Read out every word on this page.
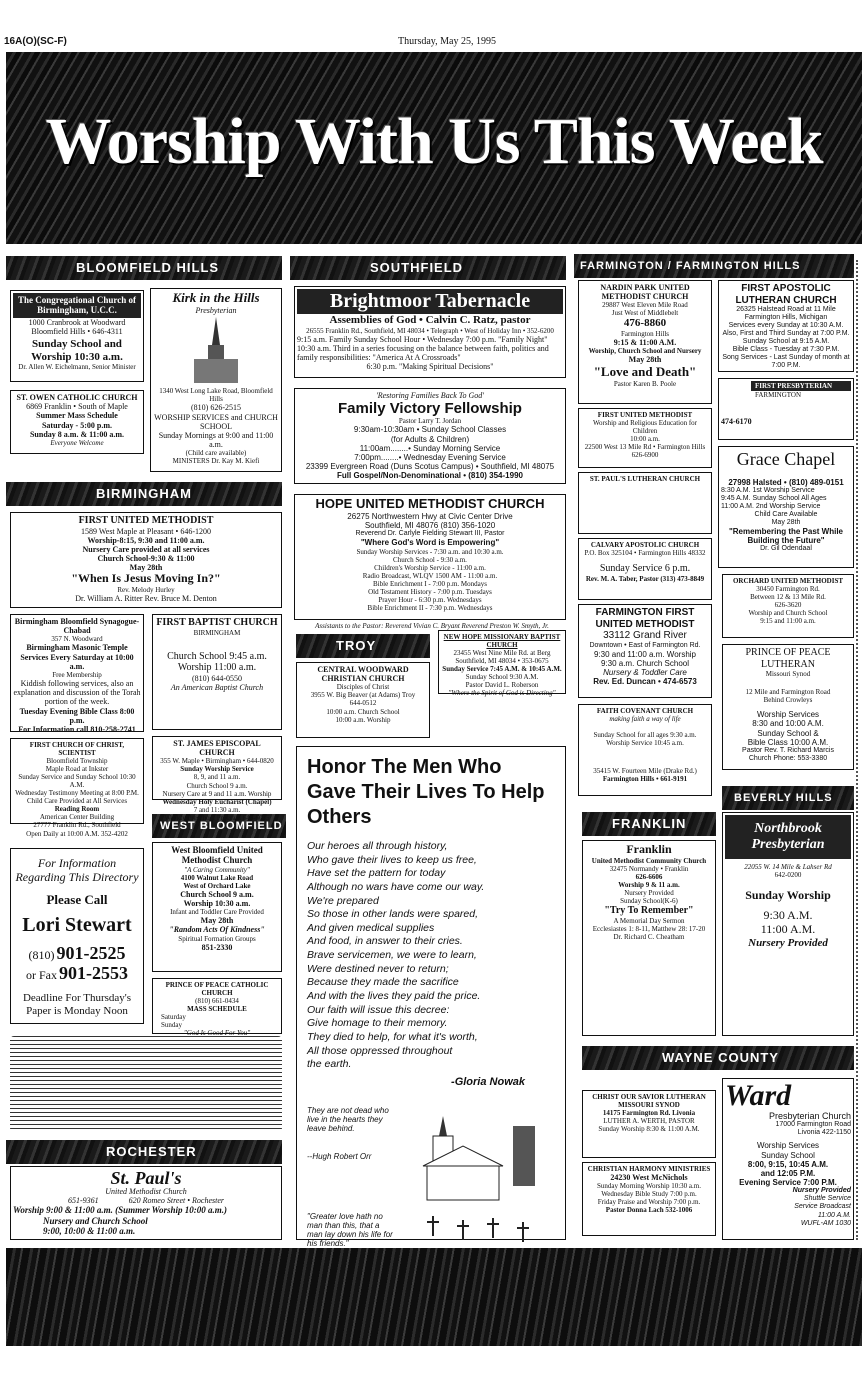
16A(O)(SC-F)	Thursday, May 25, 1995
Worship With Us This Week
BLOOMFIELD HILLS	SOUTHFIELD	FARMINGTON / FARMINGTON HILLS
BIRMINGHAM
TROY
WEST BLOOMFIELD	FRANKLIN
BEVERLY HILLS
WAYNE COUNTY
ROCHESTER
The Congregational Church of Birmingham, U.C.C.

1000 Cranbrook at Woodward

Bloomfield Hills • 646-4311

Sunday School and Worship 10:30 a.m.

Dr. Allen W. Eichelmann, Senior Minister

Kirk in the Hills

Presbyterian

1340 West Long Lake Road, Bloomfield Hills

(810) 626-2515

WORSHIP SERVICES and CHURCH SCHOOL

Sunday Mornings at 9:00 and 11:00 a.m.

(Child care available)

MINISTERS Dr. Kay M. Kiefi

ST. OWEN CATHOLIC CHURCH

6869 Franklin • South of Maple

Summer Mass Schedule

Saturday - 5:00 p.m.

Sunday 8 a.m. & 11:00 a.m.

Everyone Welcome

Brightmoor Tabernacle

Assemblies of God • Calvin C. Ratz, pastor

26555 Franklin Rd., Southfield, MI 48034 • Telegraph • West of Holiday Inn • 352-6200

9:15 a.m. Family Sunday School Hour • Wednesday 7:00 p.m. "Family Night"

10:30 a.m. Third in a series focusing on the balance between faith, politics and family responsibilities: "America At A Crossroads"

6:30 p.m. "Making Spiritual Decisions"

'Restoring Families Back To God'

Family Victory Fellowship

Pastor Larry T. Jordan

9:30am-10:30am • Sunday School Classes

(for Adults & Children)

11:00am........• Sunday Morning Service

7:00pm........• Wednesday Evening Service

23399 Evergreen Road (Duns Scotus Campus) • Southfield, MI 48075

Full Gospel/Non-Denominational • (810) 354-1990

HOPE UNITED METHODIST CHURCH

26275 Northwestern Hwy at Civic Center Drive

Southfield, MI 48076 (810) 356-1020

Reverend Dr. Carlyle Fielding Stewart III, Pastor

"Where God's Word is Empowering"

Sunday Worship Services - 7:30 a.m. and 10:30 a.m.

Church School - 9:30 a.m.

Children's Worship Service - 11:00 a.m.

Radio Broadcast, WLQV 1500 AM - 11:00 a.m.

Bible Enrichment I - 7:00 p.m. Mondays

Old Testament History - 7:00 p.m. Tuesdays

Prayer Hour - 6:30 p.m. Wednesdays

Bible Enrichment II - 7:30 p.m. Wednesdays

Assistants to the Pastor: Reverend Vivian C. Bryant Reverend Preston W. Smyth, Jr.

FIRST UNITED METHODIST

1589 West Maple at Pleasant • 646-1200

Worship-8:15, 9:30 and 11:00 a.m.

Nursery Care provided at all services

Church School-9:30 & 11:00

May 28th

"When Is Jesus Moving In?"

Rev. Melody Hurley

Dr. William A. Ritter Rev. Bruce M. Denton

Birmingham Bloomfield Synagogue-Chabad

357 N. Woodward

Birmingham Masonic Temple

Services Every Saturday at 10:00 a.m.

Free Membership

Kiddish following services, also an explanation and discussion of the Torah portion of the week.

Tuesday Evening Bible Class 8:00 p.m.

For Information call 810-258-2741

FIRST BAPTIST CHURCH

BIRMINGHAM

Church School 9:45 a.m.

Worship 11:00 a.m.

(810) 644-0550

An American Baptist Church

ST. JAMES EPISCOPAL CHURCH

355 W. Maple • Birmingham • 644-0820

Sunday Worship Service

8, 9, and 11 a.m.

Church School 9 a.m.

Nursery Care at 9 and 11 a.m. Worship

Wednesday Holy Eucharist (Chapel)

7 and 11:30 a.m.

Weekly Preschool Program 646-6035

FIRST CHURCH OF CHRIST, SCIENTIST

Bloomfield Township

Maple Road at Inkster

Sunday Service and Sunday School 10:30 A.M.

Wednesday Testimony Meeting at 8:00 P.M.

Child Care Provided at All Services

Reading Room

American Center Building

27777 Franklin Rd., Southfield

Open Daily at 10:00 A.M. 352-4202

For Information

Regarding This Directory

Please Call

Lori Stewart

(810) 901-2525

or Fax 901-2553

Deadline For Thursday's Paper is Monday Noon

West Bloomfield United Methodist Church

"A Caring Community"

4100 Walnut Lake Road

West of Orchard Lake

Church School 9 a.m.

Worship 10:30 a.m.

Infant and Toddler Care Provided

May 28th

"Random Acts Of Kindness"

Spiritual Formation Groups

851-2330

PRINCE OF PEACE CATHOLIC CHURCH

(810) 661-0434

MASS SCHEDULE

Saturday

Sunday

"God Is Good For You"

CENTRAL WOODWARD CHRISTIAN CHURCH

Disciples of Christ

3955 W. Big Beaver (at Adams) Troy

644-0512

10:00 a.m. Church School

10:00 a.m. Worship

NEW HOPE MISSIONARY BAPTIST CHURCH

23455 West Nine Mile Rd. at Berg

Southfield, MI 48034 • 353-0675

Sunday Service 7:45 A.M. & 10:45 A.M.

Sunday School 9:30 A.M.

Pastor David L. Roberson

"Where the Spirit of God is Directing"

Honor The Men Who Gave Their Lives To Help Others

Our heroes all through history,
Who gave their lives to keep us free,
Have set the pattern for today
Although no wars have come our way.
We're prepared
So those in other lands were spared,
And given medical supplies
And food, in answer to their cries.
Brave servicemen, we were to learn,
Were destined never to return;
Because they made the sacrifice
And with the lives they paid the price.
Our faith will issue this decree:
Give homage to their memory.
They died to help, for what it's worth,
All those oppressed throughout
the earth.

-Gloria Nowak

They are not dead who live in the hearts they leave behind.

--Hugh Robert Orr

"Greater love hath no man than this, that a man lay down his life for his friends."

NARDIN PARK UNITED METHODIST CHURCH

29887 West Eleven Mile Road

Just West of Middlebelt

476-8860

Farmington Hills

9:15 & 11:00 A.M.

Worship, Church School and Nursery

May 28th

"Love and Death"

Pastor Karen B. Poole

FIRST APOSTOLIC LUTHERAN CHURCH

26325 Halstead Road at 11 Mile

Farmington Hills, Michigan

Services every Sunday at 10:30 A.M.

Also, First and Third Sunday at 7:00 P.M.

Sunday School at 9:15 A.M.

Bible Class - Tuesday at 7:30 P.M.

Song Services - Last Sunday of month at 7:00 P.M.

FIRST PRESBYTERIAN

FARMINGTON

474-6170

FIRST UNITED METHODIST

Worship and Religious Education for Children

10:00 a.m.

22500 West 13 Mile Rd • Farmington Hills

626-6900

ST. PAUL'S LUTHERAN CHURCH

Grace Chapel

27998 Halsted • (810) 489-0151

8:30 A.M. 1st Worship Service

9:45 A.M. Sunday School All Ages

11:00 A.M. 2nd Worship Service

Child Care Available

May 28th

"Remembering the Past While Building the Future"

Dr. Gil Odendaal

CALVARY APOSTOLIC CHURCH

P.O. Box 325104 • Farmington Hills 48332

Sunday Service 6 p.m.

Rev. M. A. Taber, Pastor (313) 473-8849

FARMINGTON FIRST UNITED METHODIST

33112 Grand River

Downtown • East of Farmington Rd.

9:30 and 11:00 a.m. Worship

9:30 a.m. Church School

Nursery & Toddler Care

Rev. Ed. Duncan • 474-6573

ORCHARD UNITED METHODIST

30450 Farmington Rd.

Between 12 & 13 Mile Rd.

626-3620

Worship and Church School

9:15 and 11:00 a.m.

PRINCE OF PEACE LUTHERAN

Missouri Synod

12 Mile and Farmington Road

Behind Crowleys

Worship Services

8:30 and 10:00 A.M.

Sunday School &

Bible Class 10:00 A.M.

Pastor Rev. T. Richard Marcis

Church Phone: 553-3380

FAITH COVENANT CHURCH

making faith a way of life

Sunday School for all ages 9:30 a.m.

Worship Service 10:45 a.m.

35415 W. Fourteen Mile (Drake Rd.)

Farmington Hills • 661-9191

Franklin

United Methodist Community Church

32475 Normandy • Franklin

626-6606

Worship 9 & 11 a.m.

Nursery Provided

Sunday School(K-6)

"Try To Remember"

A Memorial Day Sermon

Ecclesiastes 1: 8-11, Matthew 28: 17-20

Dr. Richard C. Cheatham

Northbrook Presbyterian

22055 W. 14 Mile & Lahser Rd

642-0200

Sunday Worship

9:30 A.M.

11:00 A.M.

Nursery Provided

CHRIST OUR SAVIOR LUTHERAN MISSOURI SYNOD

14175 Farmington Rd. Livonia

LUTHER A. WERTH, PASTOR

Sunday Worship 8:30 & 11:00 A.M.

CHRISTIAN HARMONY MINISTRIES

24230 West McNichols

Sunday Morning Worship 10:30 a.m.

Wednesday Bible Study 7:00 p.m.

Friday Praise and Worship 7:00 p.m.

Pastor Donna Lach 532-1006

Ward

Presbyterian Church

17000 Farmington Road

Livonia 422-1150

Worship Services

Sunday School

8:00, 9:15, 10:45 A.M.

and 12:05 P.M.

Evening Service 7:00 P.M.

Nursery Provided

Shuttle Service

Service Broadcast

11:00 A.M.

WUFL-AM 1030

St. Paul's

United Methodist Church

651-9361	620 Romeo Street • Rochester

Worship 9:00 & 11:00 a.m. (Summer Worship 10:00 a.m.)

Nursery and Church School

9:00, 10:00 & 11:00 a.m.
